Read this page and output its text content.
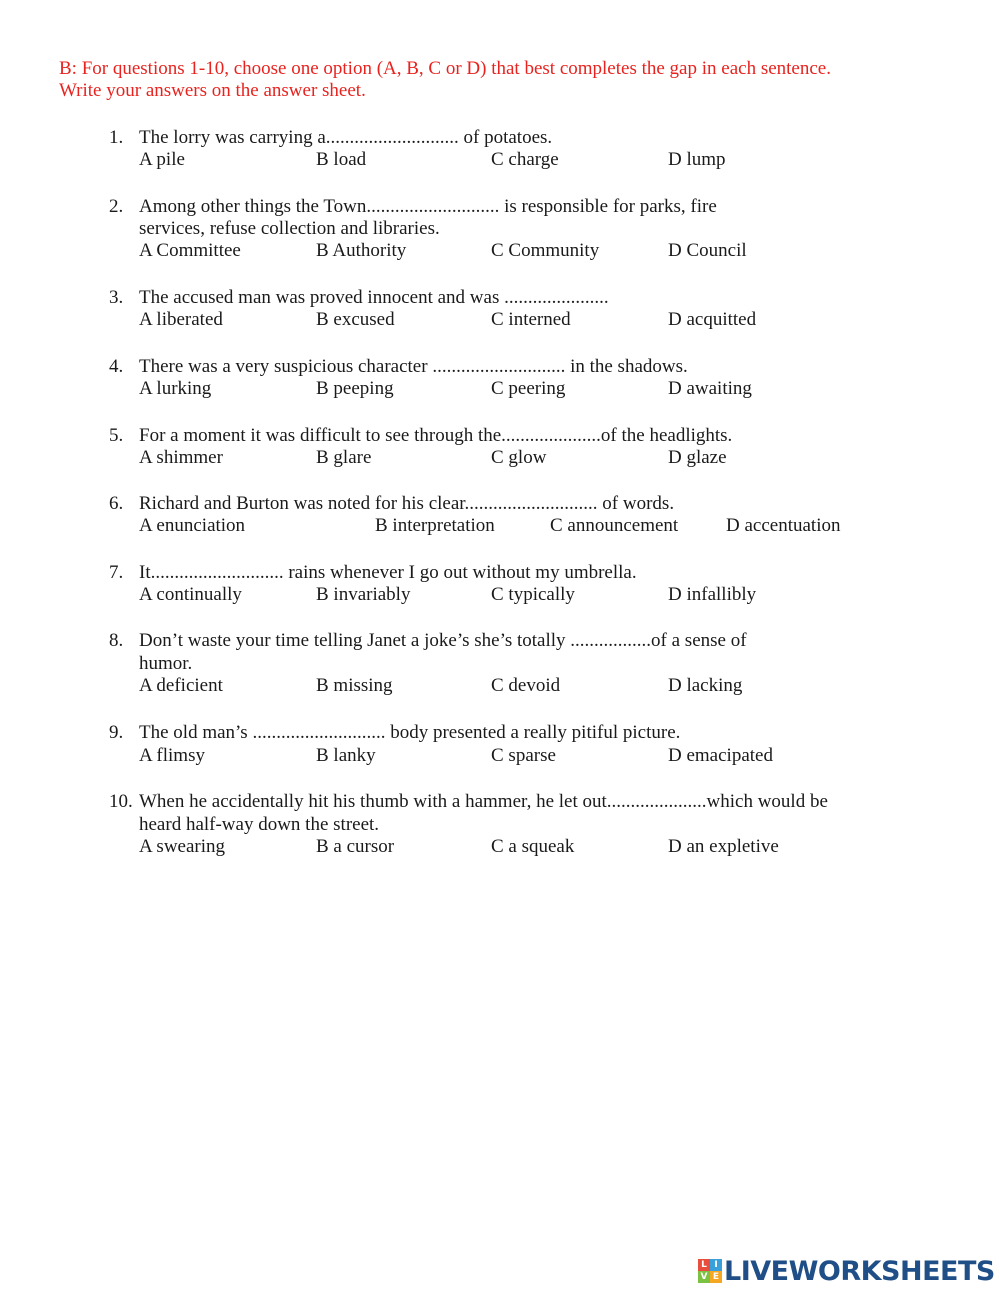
B: For questions 1-10, choose one option (A, B, C or D) that best completes the gap in each sentence.
Write your answers on the answer sheet.
1. The lorry was carrying a............................ of potatoes.
A pile	B load	C charge	D lump
2. Among other things the Town............................ is responsible for parks, fire
services, refuse collection and libraries.
A Committee	B Authority	C Community	D Council
3. The accused man was proved innocent and was ......................
A liberated	B excused	C interned	D acquitted
4. There was a very suspicious character ............................ in the shadows.
A lurking	B peeping	C peering	D awaiting
5. For a moment it was difficult to see through the.....................of the headlights.
A shimmer	B glare	C glow	D glaze
6. Richard and Burton was noted for his clear............................ of words.
A enunciation	B interpretation	C announcement	D accentuation
7. It............................ rains whenever I go out without my umbrella.
A continually	B invariably	C typically	D infallibly
8. Don’t waste your time telling Janet a joke’s she’s totally .................of a sense of
humor.
A deficient	B missing	C devoid	D lacking
9. The old man’s ............................ body presented a really pitiful picture.
A flimsy	B lanky	C sparse	D emacipated
10. When he accidentally hit his thumb with a hammer, he let out.....................which would be
heard half-way down the street.
A swearing	B a cursor	C a squeak	D an expletive
L I
V E LIVEWORKSHEETS
